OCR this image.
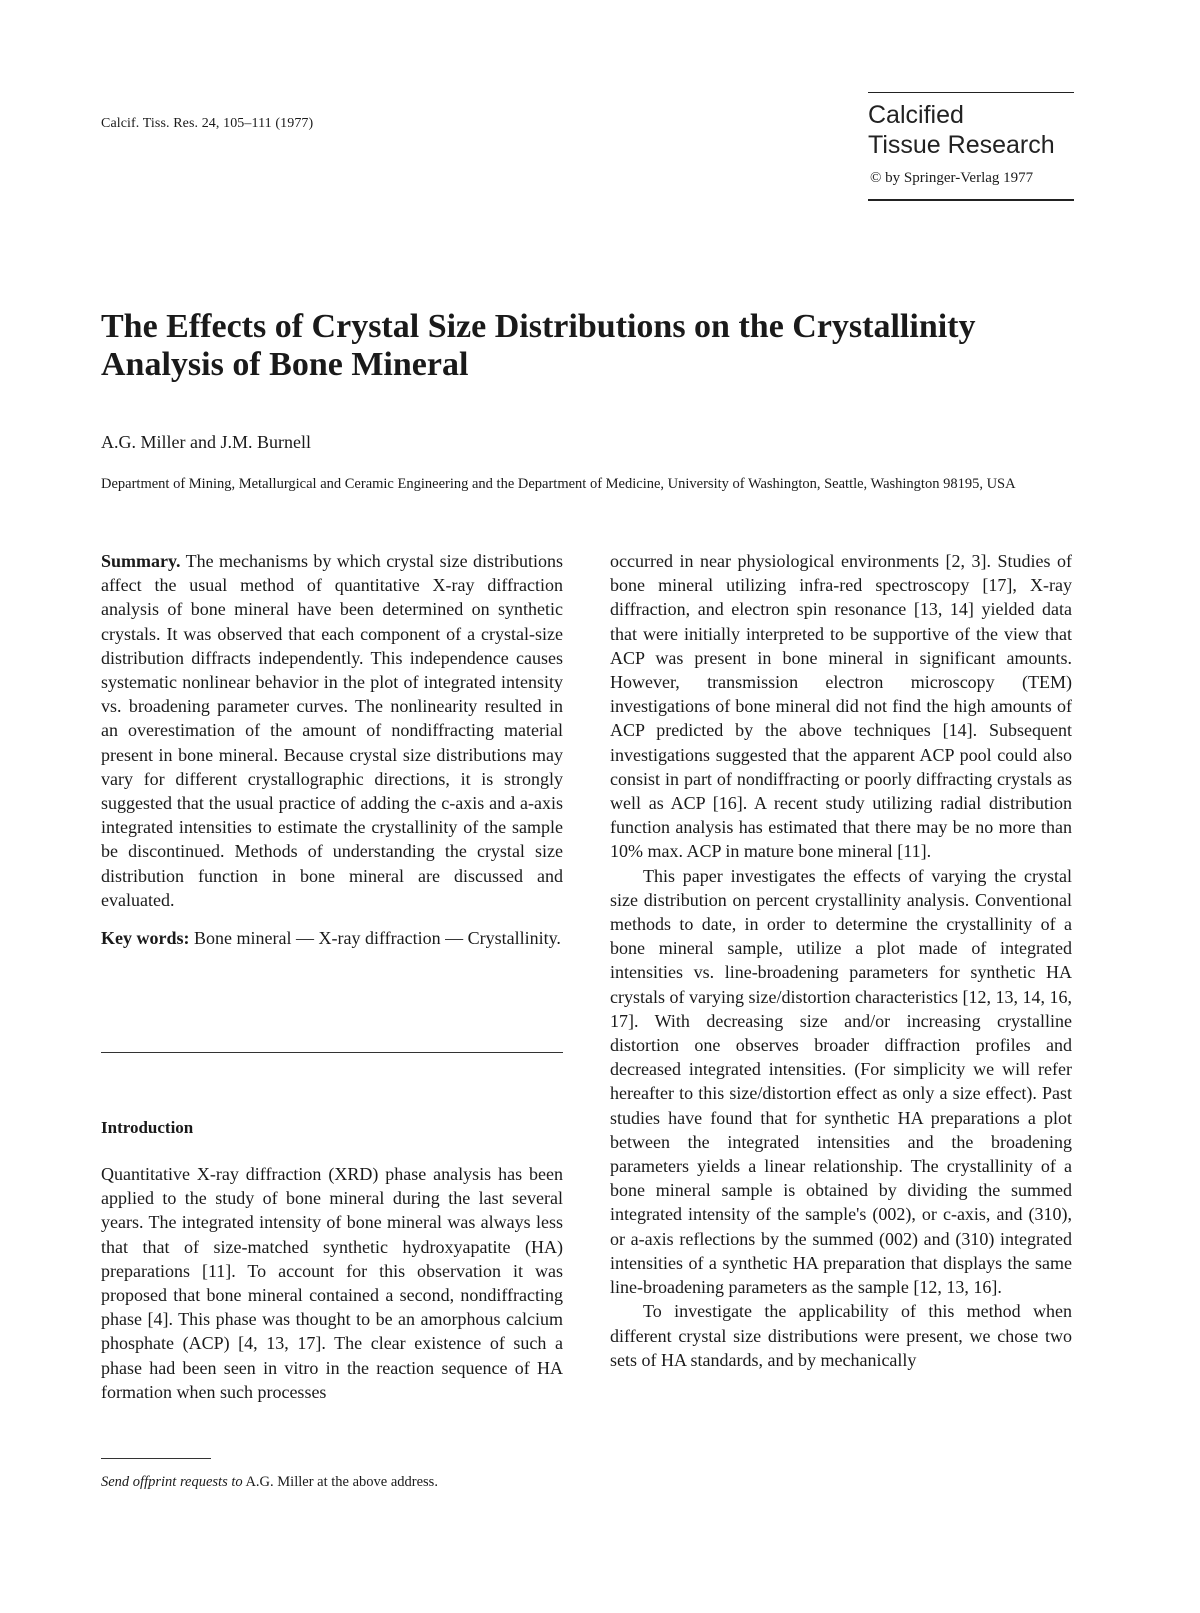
Calcif. Tiss. Res. 24, 105–111 (1977)	Calcified
Tissue Research
© by Springer-Verlag 1977
The Effects of Crystal Size Distributions on the Crystallinity Analysis of Bone Mineral
A.G. Miller and J.M. Burnell
Department of Mining, Metallurgical and Ceramic Engineering and the Department of Medicine, University of Washington, Seattle, Washington 98195, USA

Summary. The mechanisms by which crystal size distributions affect the usual method of quantitative X-ray diffraction analysis of bone mineral have been determined on synthetic crystals. It was observed that each component of a crystal-size distribution diffracts independently. This independence causes systematic nonlinear behavior in the plot of integrated intensity vs. broadening parameter curves. The nonlinearity resulted in an overestimation of the amount of nondiffracting material present in bone mineral. Because crystal size distributions may vary for different crystallographic directions, it is strongly suggested that the usual practice of adding the c-axis and a-axis integrated intensities to estimate the crystallinity of the sample be discontinued. Methods of understanding the crystal size distribution function in bone mineral are discussed and evaluated.

Key words: Bone mineral — X-ray diffraction — Crystallinity.

Introduction

Quantitative X-ray diffraction (XRD) phase analysis has been applied to the study of bone mineral during the last several years. The integrated intensity of bone mineral was always less that that of size-matched synthetic hydroxyapatite (HA) preparations [11]. To account for this observation it was proposed that bone mineral contained a second, nondiffracting phase [4]. This phase was thought to be an amorphous calcium phosphate (ACP) [4, 13, 17]. The clear existence of such a phase had been seen in vitro in the reaction sequence of HA formation when such processes

occurred in near physiological environments [2, 3]. Studies of bone mineral utilizing infra-red spectroscopy [17], X-ray diffraction, and electron spin resonance [13, 14] yielded data that were initially interpreted to be supportive of the view that ACP was present in bone mineral in significant amounts. However, transmission electron microscopy (TEM) investigations of bone mineral did not find the high amounts of ACP predicted by the above techniques [14]. Subsequent investigations suggested that the apparent ACP pool could also consist in part of nondiffracting or poorly diffracting crystals as well as ACP [16]. A recent study utilizing radial distribution function analysis has estimated that there may be no more than 10% max. ACP in mature bone mineral [11].

This paper investigates the effects of varying the crystal size distribution on percent crystallinity analysis. Conventional methods to date, in order to determine the crystallinity of a bone mineral sample, utilize a plot made of integrated intensities vs. line-broadening parameters for synthetic HA crystals of varying size/distortion characteristics [12, 13, 14, 16, 17]. With decreasing size and/or increasing crystalline distortion one observes broader diffraction profiles and decreased integrated intensities. (For simplicity we will refer hereafter to this size/distortion effect as only a size effect). Past studies have found that for synthetic HA preparations a plot between the integrated intensities and the broadening parameters yields a linear relationship. The crystallinity of a bone mineral sample is obtained by dividing the summed integrated intensity of the sample's (002), or c-axis, and (310), or a-axis reflections by the summed (002) and (310) integrated intensities of a synthetic HA preparation that displays the same line-broadening parameters as the sample [12, 13, 16].

To investigate the applicability of this method when different crystal size distributions were present, we chose two sets of HA standards, and by mechanically

Send offprint requests to A.G. Miller at the above address.
